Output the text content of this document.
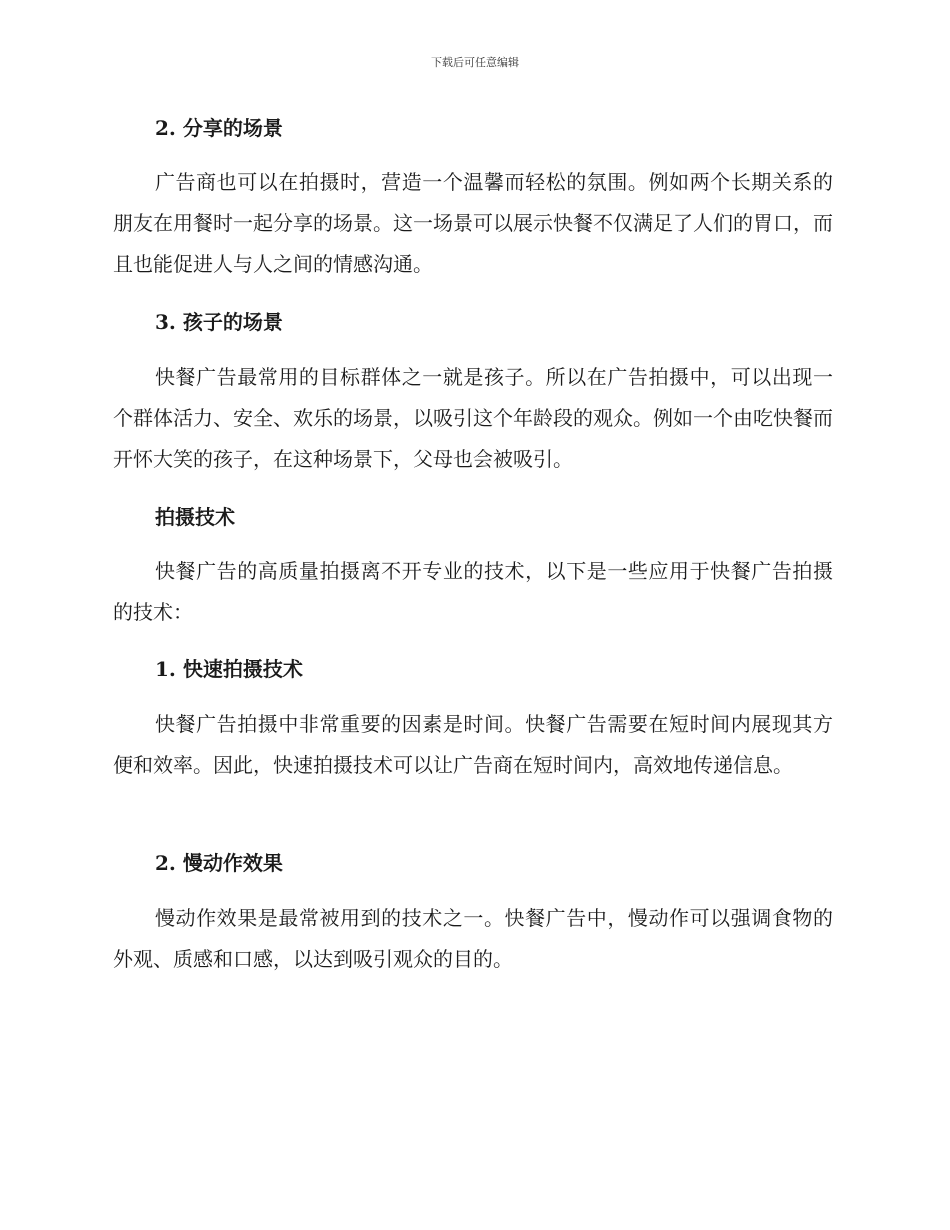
下载后可任意编辑
2. 分享的场景
广告商也可以在拍摄时，营造一个温馨而轻松的氛围。例如两个长期关系的朋友在用餐时一起分享的场景。这一场景可以展示快餐不仅满足了人们的胃口，而且也能促进人与人之间的情感沟通。
3. 孩子的场景
快餐广告最常用的目标群体之一就是孩子。所以在广告拍摄中，可以出现一个群体活力、安全、欢乐的场景，以吸引这个年龄段的观众。例如一个由吃快餐而开怀大笑的孩子，在这种场景下，父母也会被吸引。
拍摄技术
快餐广告的高质量拍摄离不开专业的技术，以下是一些应用于快餐广告拍摄的技术：
1. 快速拍摄技术
快餐广告拍摄中非常重要的因素是时间。快餐广告需要在短时间内展现其方便和效率。因此，快速拍摄技术可以让广告商在短时间内，高效地传递信息。
2. 慢动作效果
慢动作效果是最常被用到的技术之一。快餐广告中，慢动作可以强调食物的外观、质感和口感，以达到吸引观众的目的。
